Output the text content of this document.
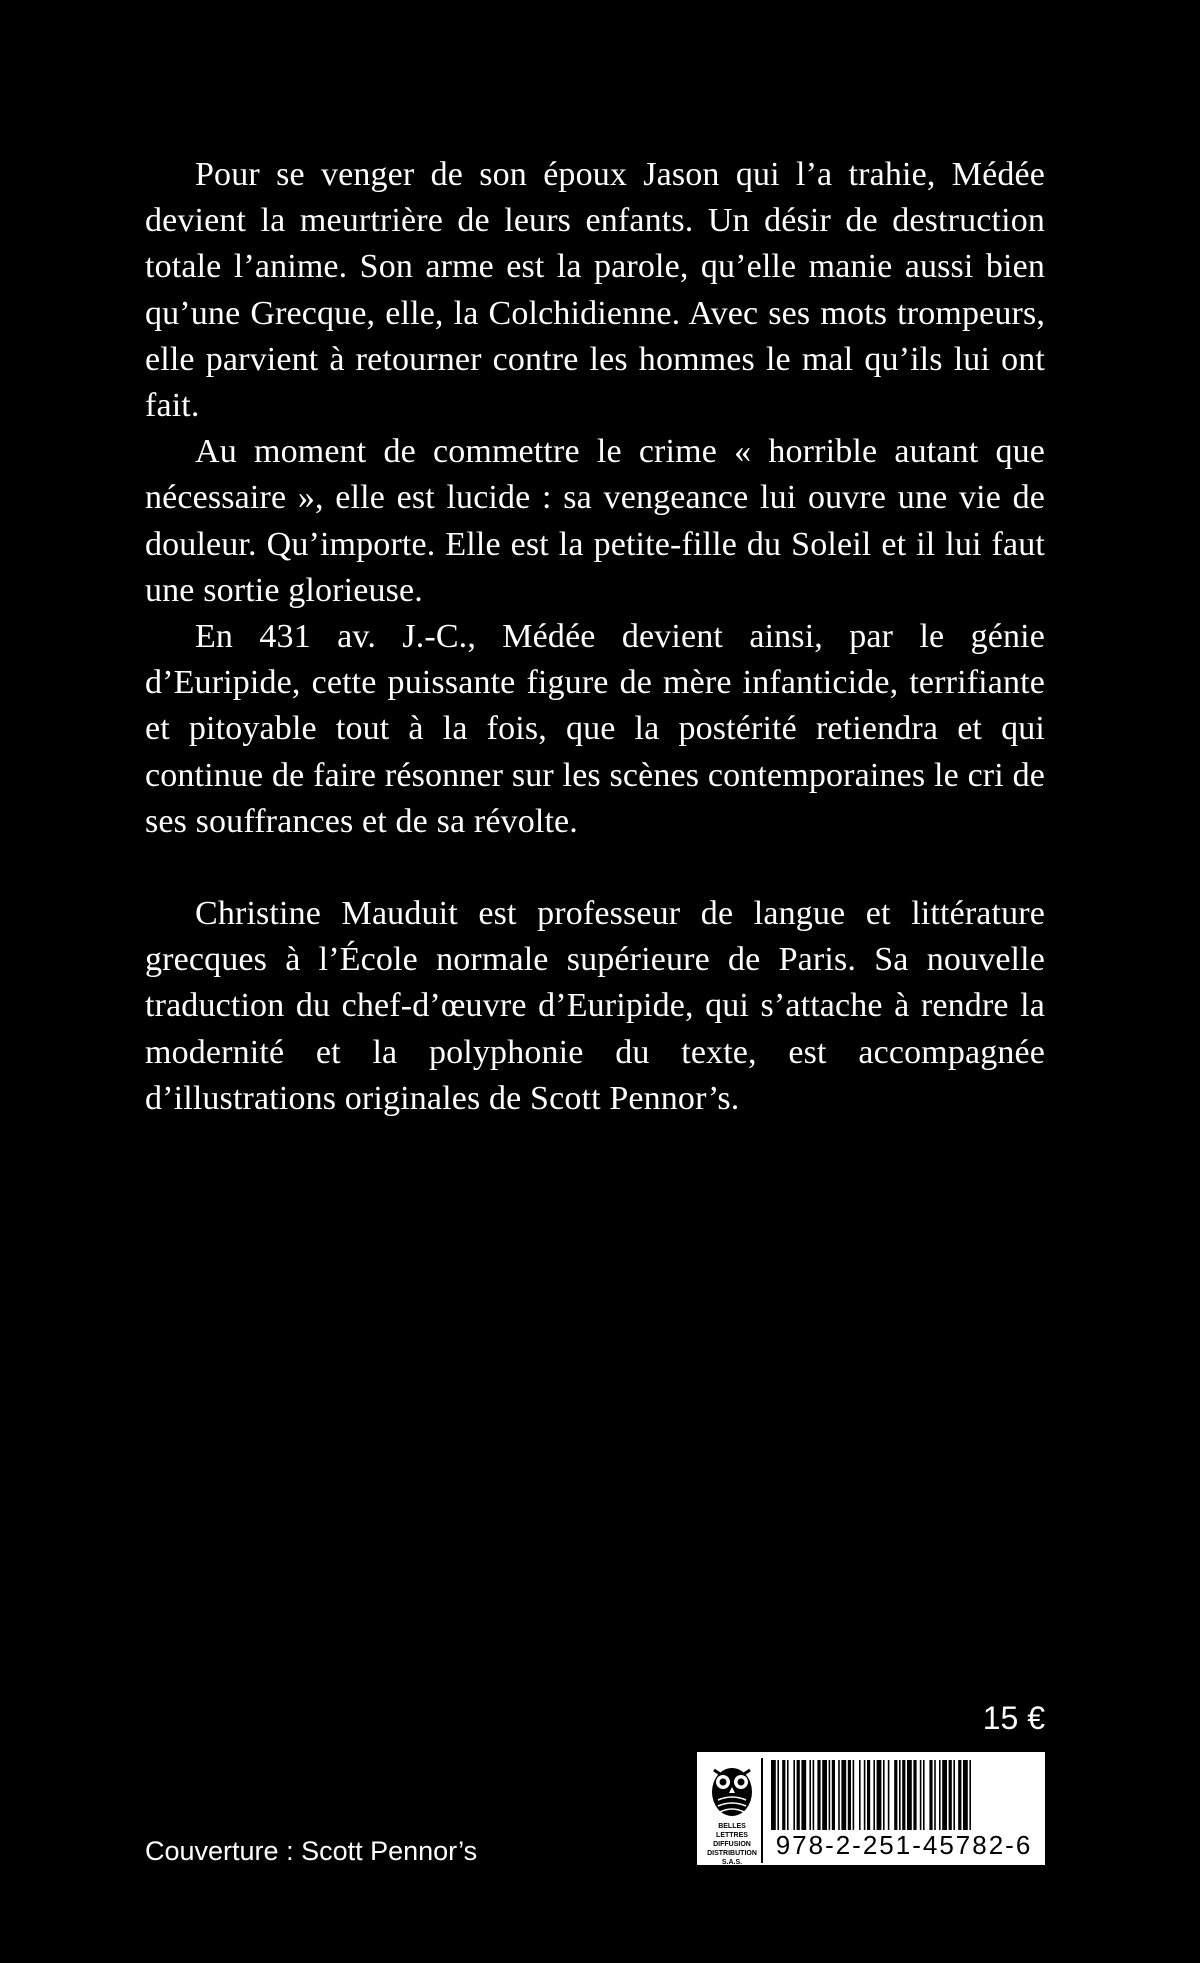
Pour se venger de son époux Jason qui l’a trahie, Médée devient la meurtrière de leurs enfants. Un désir de destruction totale l’anime. Son arme est la parole, qu’elle manie aussi bien qu’une Grecque, elle, la Colchidienne. Avec ses mots trompeurs, elle parvient à retourner contre les hommes le mal qu’ils lui ont fait.

Au moment de commettre le crime « horrible autant que nécessaire », elle est lucide : sa vengeance lui ouvre une vie de douleur. Qu’importe. Elle est la petite-fille du Soleil et il lui faut une sortie glorieuse.

En 431 av. J.-C., Médée devient ainsi, par le génie d’Euripide, cette puissante figure de mère infanticide, terrifiante et pitoyable tout à la fois, que la postérité retiendra et qui continue de faire résonner sur les scènes contemporaines le cri de ses souffrances et de sa révolte.

Christine Mauduit est professeur de langue et littérature grecques à l’École normale supérieure de Paris. Sa nouvelle traduction du chef-d’œuvre d’Euripide, qui s’attache à rendre la modernité et la polyphonie du texte, est accompagnée d’illustrations originales de Scott Pennor’s.

15 €
BELLES LETTRES
DIFFUSION
DISTRIBUTION
S.A.S.
978-2-251-45782-6
Couverture : Scott Pennor’s
